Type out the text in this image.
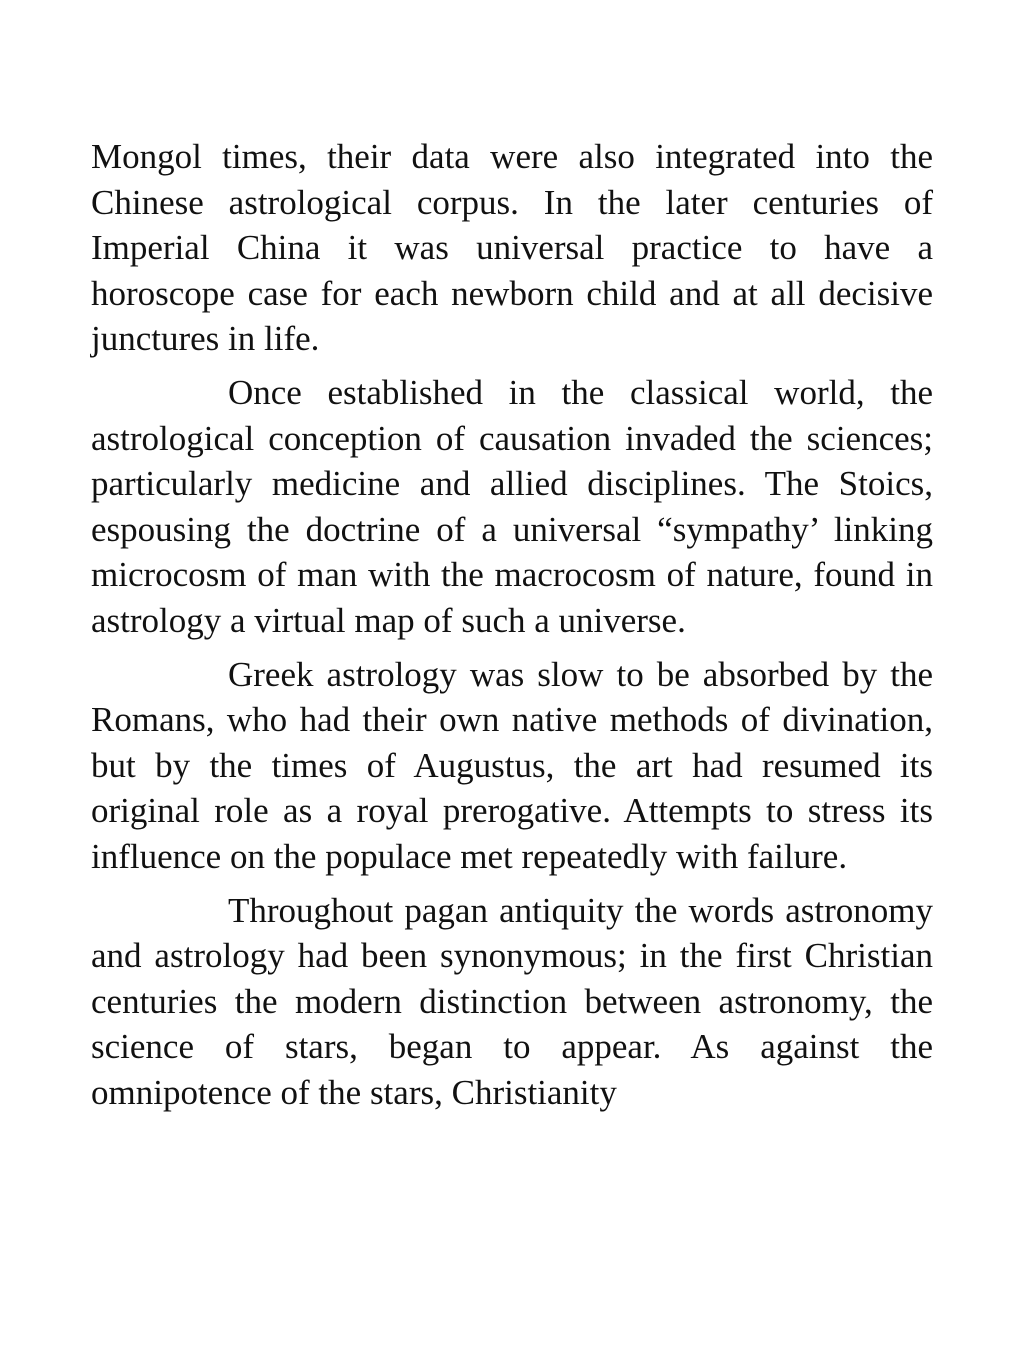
Mongol times, their data were also integrated into the Chinese astrological corpus. In the later centuries of Imperial China it was universal practice to have a horoscope case for each newborn child and at all decisive junctures in life.

Once established in the classical world, the astrological conception of causation invaded the sciences; particularly medicine and allied disciplines. The Stoics, espousing the doctrine of a universal “sympathy’ linking microcosm of man with the macrocosm of nature, found in astrology a virtual map of such a universe.

Greek astrology was slow to be absorbed by the Romans, who had their own native methods of divination, but by the times of Augustus, the art had resumed its original role as a royal prerogative. Attempts to stress its influence on the populace met repeatedly with failure.

Throughout pagan antiquity the words astronomy and astrology had been synonymous; in the first Christian centuries the modern distinction between astronomy, the science of stars, began to appear. As against the omnipotence of the stars, Christianity
